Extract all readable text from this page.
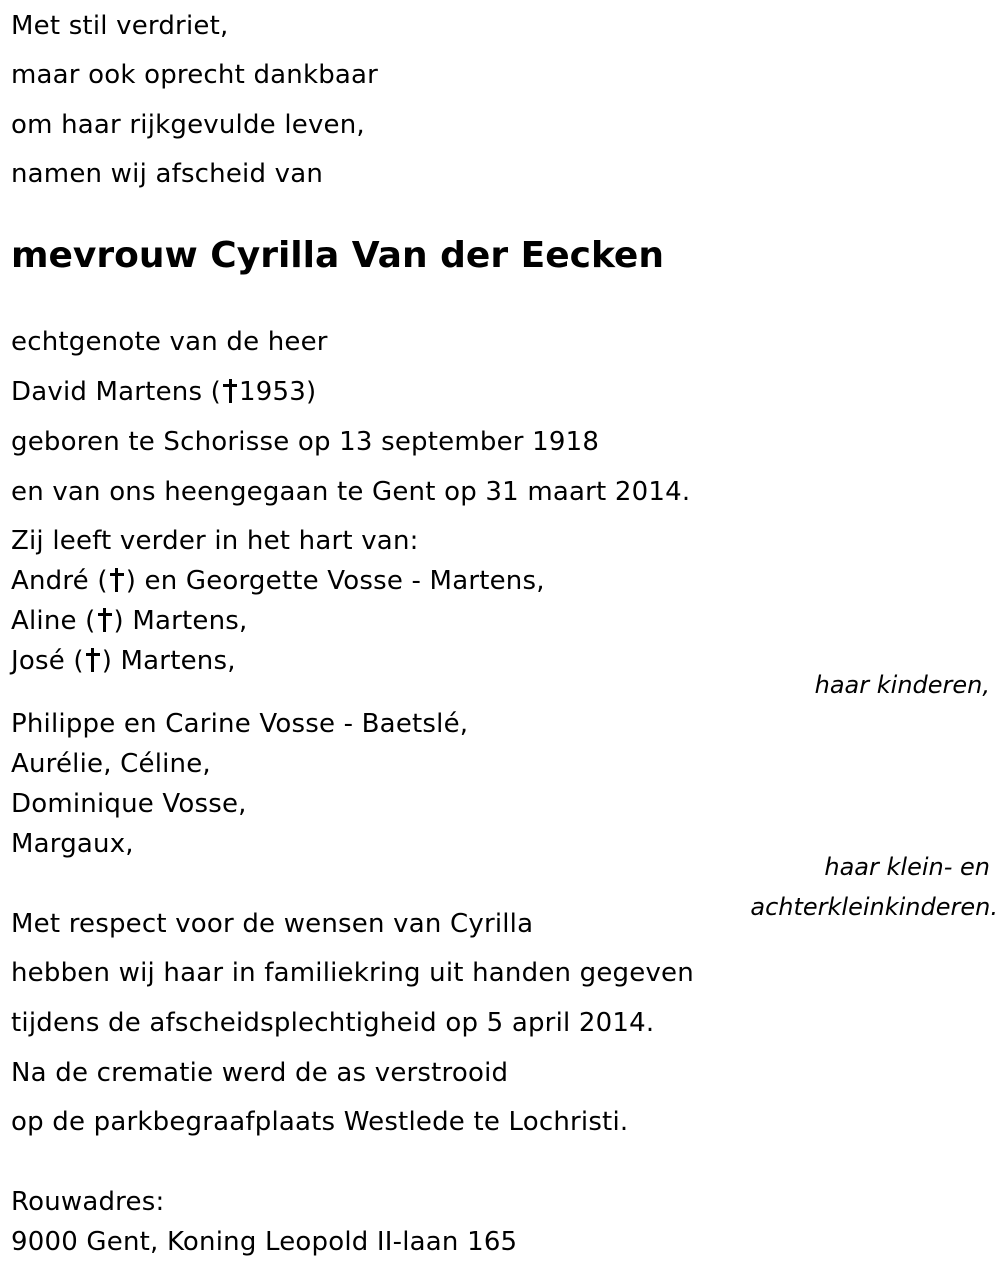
Met stil verdriet,
maar ook oprecht dankbaar
om haar rijkgevulde leven,
namen wij afscheid van
mevrouw Cyrilla Van der Eecken
echtgenote van de heer
David Martens ( 1953)
geboren te Schorisse op 13 september 1918
en van ons heengegaan te Gent op 31 maart 2014.
Zij leeft verder in het hart van:
André ( ) en Georgette Vosse - Martens,
Aline ( ) Martens,
José ( ) Martens,
haar kinderen,
Philippe en Carine Vosse - Baetslé,
Aurélie, Céline,
Dominique Vosse,
Margaux,
haar klein- en
achterkleinkinderen.
Met respect voor de wensen van Cyrilla
hebben wij haar in familiekring uit handen gegeven
tijdens de afscheidsplechtigheid op 5 april 2014.
Na de crematie werd de as verstrooid
op de parkbegraafplaats Westlede te Lochristi.
Rouwadres:
9000 Gent, Koning Leopold II-laan 165
